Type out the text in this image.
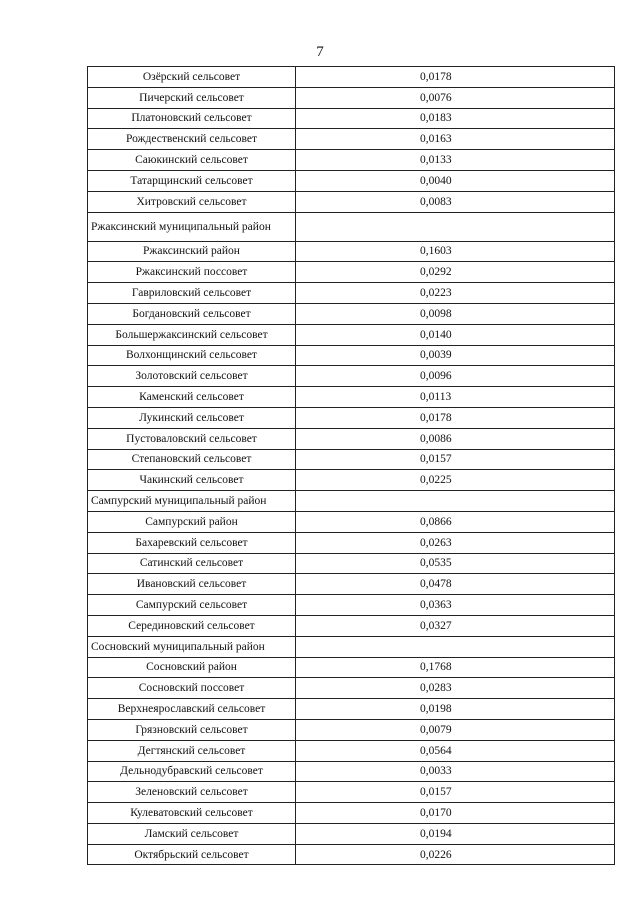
7
Озёрский сельсовет	0,0178
Пичерский сельсовет	0,0076
Платоновский сельсовет	0,0183
Рождественский сельсовет	0,0163
Саюкинский сельсовет	0,0133
Татарщинский сельсовет	0,0040
Хитровский сельсовет	0,0083
Ржаксинский муниципальный район	
Ржаксинский район	0,1603
Ржаксинский поссовет	0,0292
Гавриловский сельсовет	0,0223
Богдановский сельсовет	0,0098
Большержаксинский сельсовет	0,0140
Волхонщинский сельсовет	0,0039
Золотовский сельсовет	0,0096
Каменский сельсовет	0,0113
Лукинский сельсовет	0,0178
Пустоваловский сельсовет	0,0086
Степановский сельсовет	0,0157
Чакинский сельсовет	0,0225
Сампурский муниципальный район	
Сампурский район	0,0866
Бахаревский сельсовет	0,0263
Сатинский сельсовет	0,0535
Ивановский сельсовет	0,0478
Сампурский сельсовет	0,0363
Серединовский сельсовет	0,0327
Сосновский муниципальный район	
Сосновский район	0,1768
Сосновский поссовет	0,0283
Верхнеярославский сельсовет	0,0198
Грязновский сельсовет	0,0079
Дегтянский сельсовет	0,0564
Дельнодубравский сельсовет	0,0033
Зеленовский сельсовет	0,0157
Кулеватовский сельсовет	0,0170
Ламский сельсовет	0,0194
Октябрьский сельсовет	0,0226
